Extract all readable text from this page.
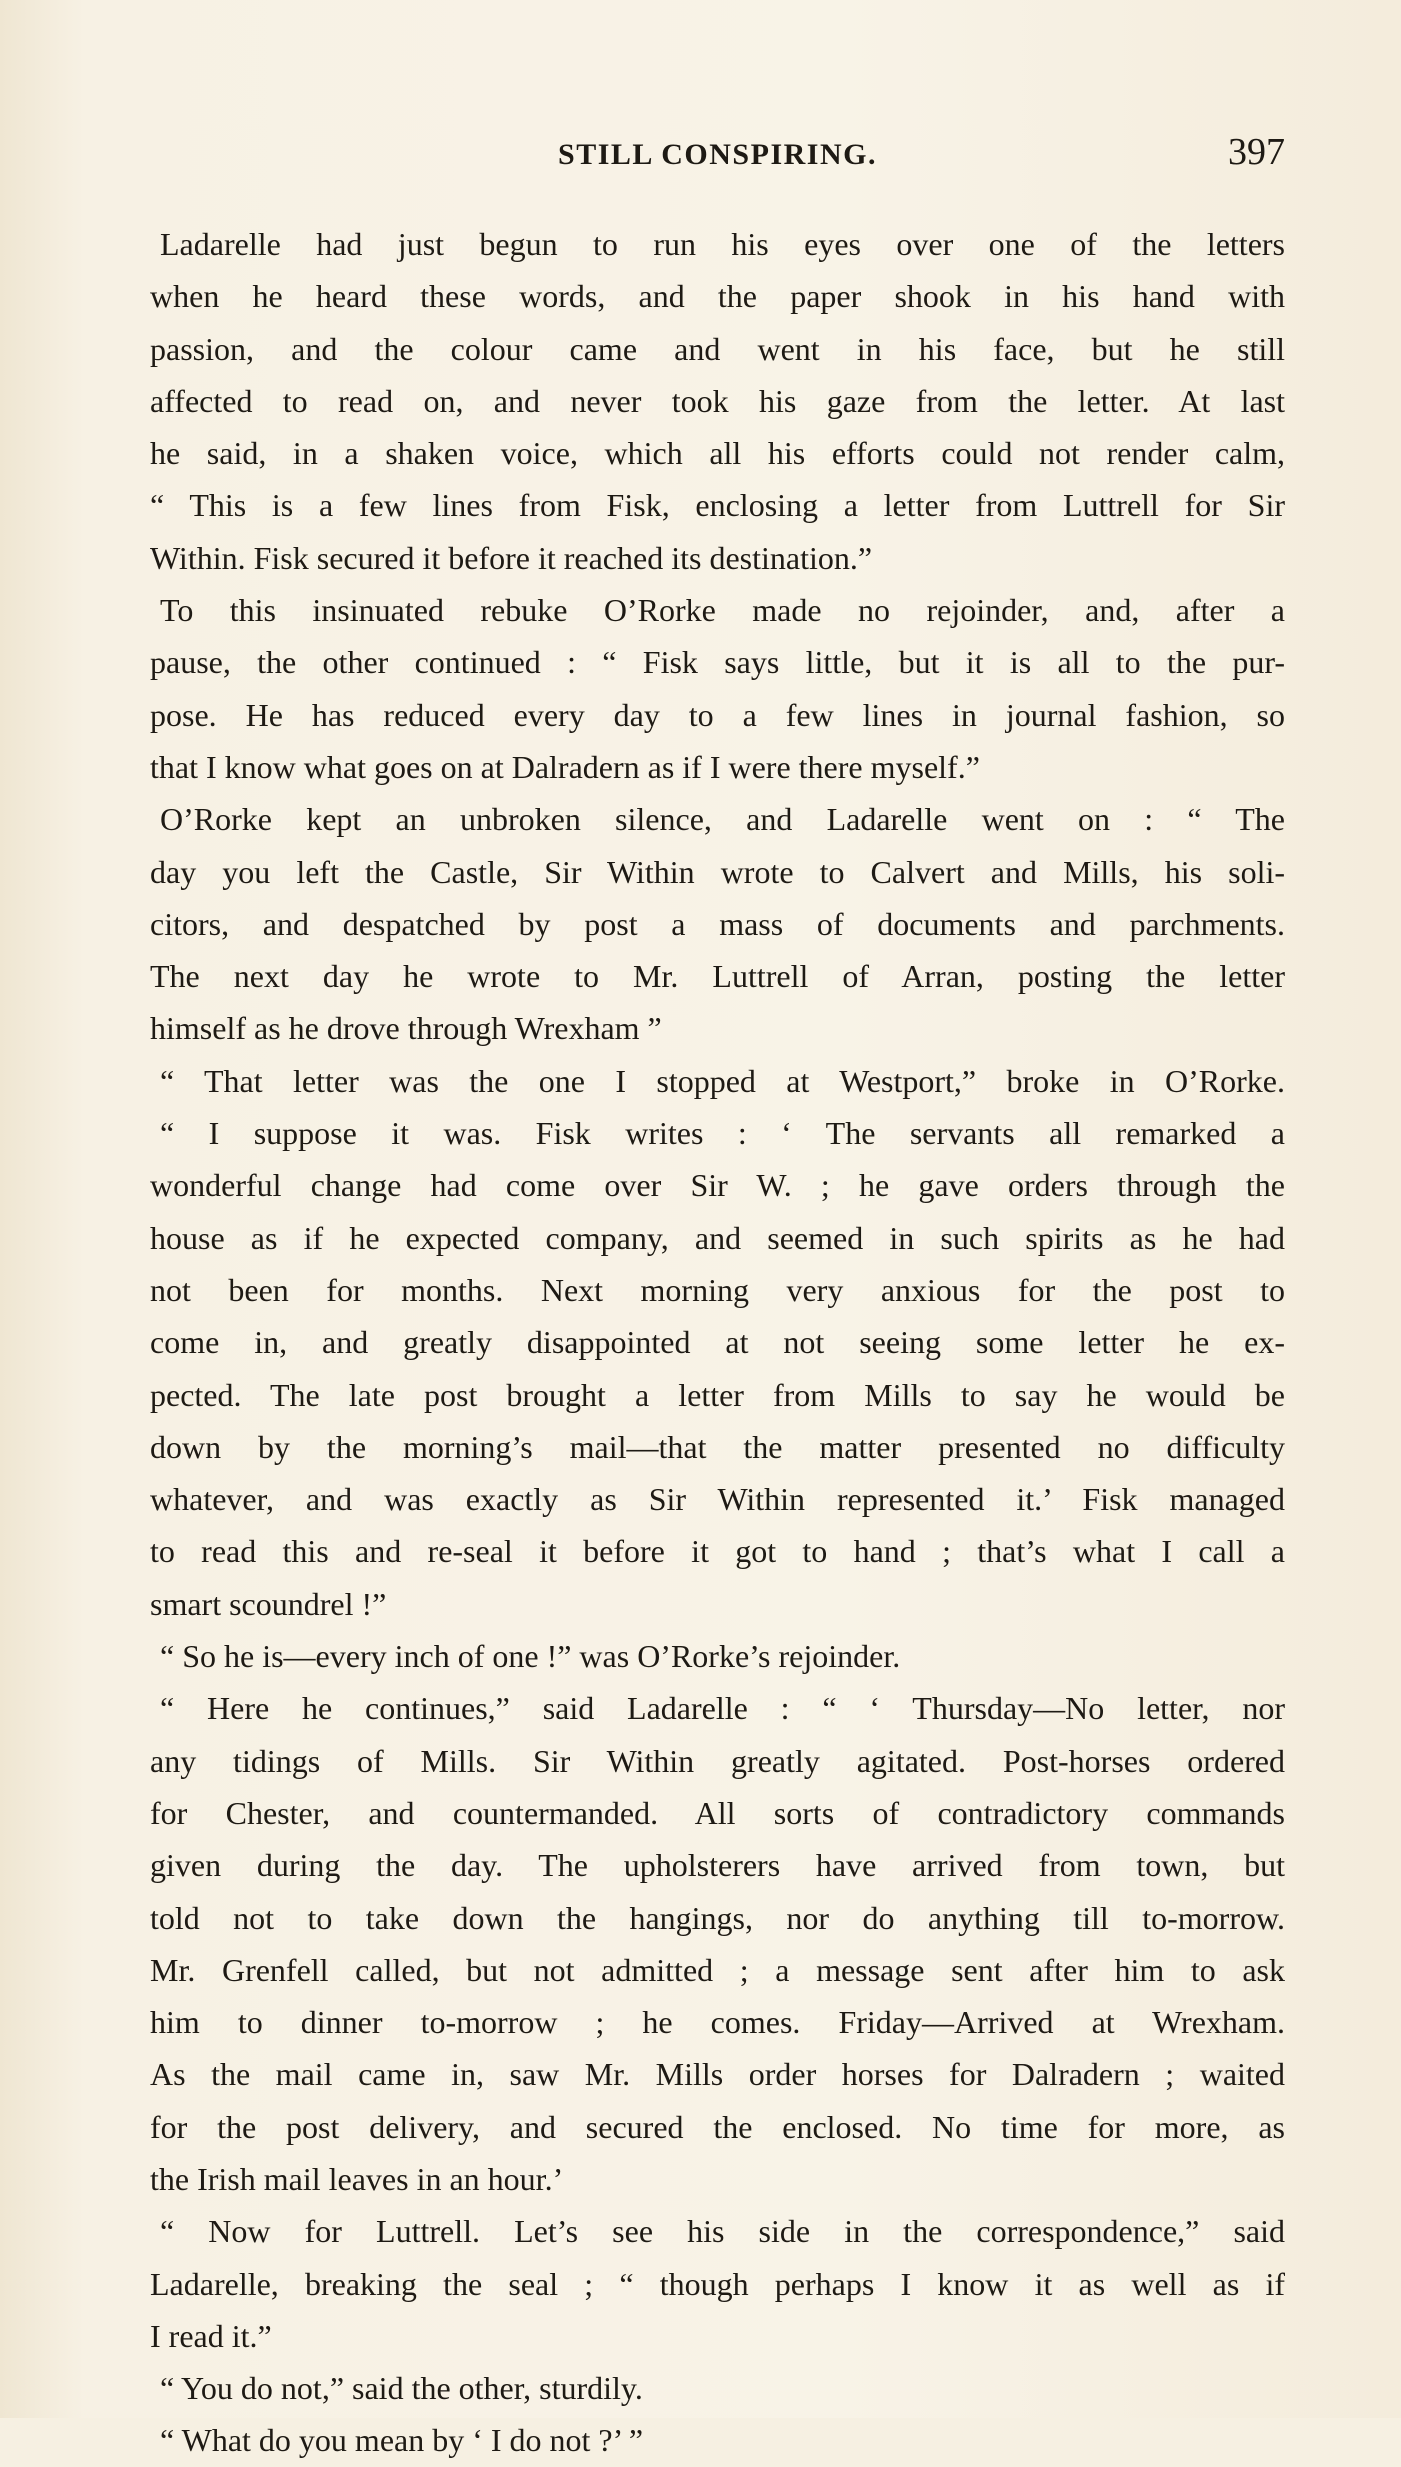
STILL CONSPIRING.	397
Ladarelle had just begun to run his eyes over one of the letters
when he heard these words, and the paper shook in his hand with
passion, and the colour came and went in his face, but he still
affected to read on, and never took his gaze from the letter. At last
he said, in a shaken voice, which all his efforts could not render calm,
“ This is a few lines from Fisk, enclosing a letter from Luttrell for Sir
Within. Fisk secured it before it reached its destination.”
To this insinuated rebuke O’Rorke made no rejoinder, and, after a
pause, the other continued : “ Fisk says little, but it is all to the pur-
pose. He has reduced every day to a few lines in journal fashion, so
that I know what goes on at Dalradern as if I were there myself.”
O’Rorke kept an unbroken silence, and Ladarelle went on : “ The
day you left the Castle, Sir Within wrote to Calvert and Mills, his soli-
citors, and despatched by post a mass of documents and parchments.
The next day he wrote to Mr. Luttrell of Arran, posting the letter
himself as he drove through Wrexham ”
“ That letter was the one I stopped at Westport,” broke in O’Rorke.
“ I suppose it was. Fisk writes : ‘ The servants all remarked a
wonderful change had come over Sir W. ; he gave orders through the
house as if he expected company, and seemed in such spirits as he had
not been for months. Next morning very anxious for the post to
come in, and greatly disappointed at not seeing some letter he ex-
pected. The late post brought a letter from Mills to say he would be
down by the morning’s mail—that the matter presented no difficulty
whatever, and was exactly as Sir Within represented it.’ Fisk managed
to read this and re-seal it before it got to hand ; that’s what I call a
smart scoundrel !”
“ So he is—every inch of one !” was O’Rorke’s rejoinder.
“ Here he continues,” said Ladarelle : “ ‘ Thursday—No letter, nor
any tidings of Mills. Sir Within greatly agitated. Post-horses ordered
for Chester, and countermanded. All sorts of contradictory commands
given during the day. The upholsterers have arrived from town, but
told not to take down the hangings, nor do anything till to-morrow.
Mr. Grenfell called, but not admitted ; a message sent after him to ask
him to dinner to-morrow ; he comes. Friday—Arrived at Wrexham.
As the mail came in, saw Mr. Mills order horses for Dalradern ; waited
for the post delivery, and secured the enclosed. No time for more, as
the Irish mail leaves in an hour.’
“ Now for Luttrell. Let’s see his side in the correspondence,” said
Ladarelle, breaking the seal ; “ though perhaps I know it as well as if
I read it.”
“ You do not,” said the other, sturdily.
“ What do you mean by ‘ I do not ?’ ”
